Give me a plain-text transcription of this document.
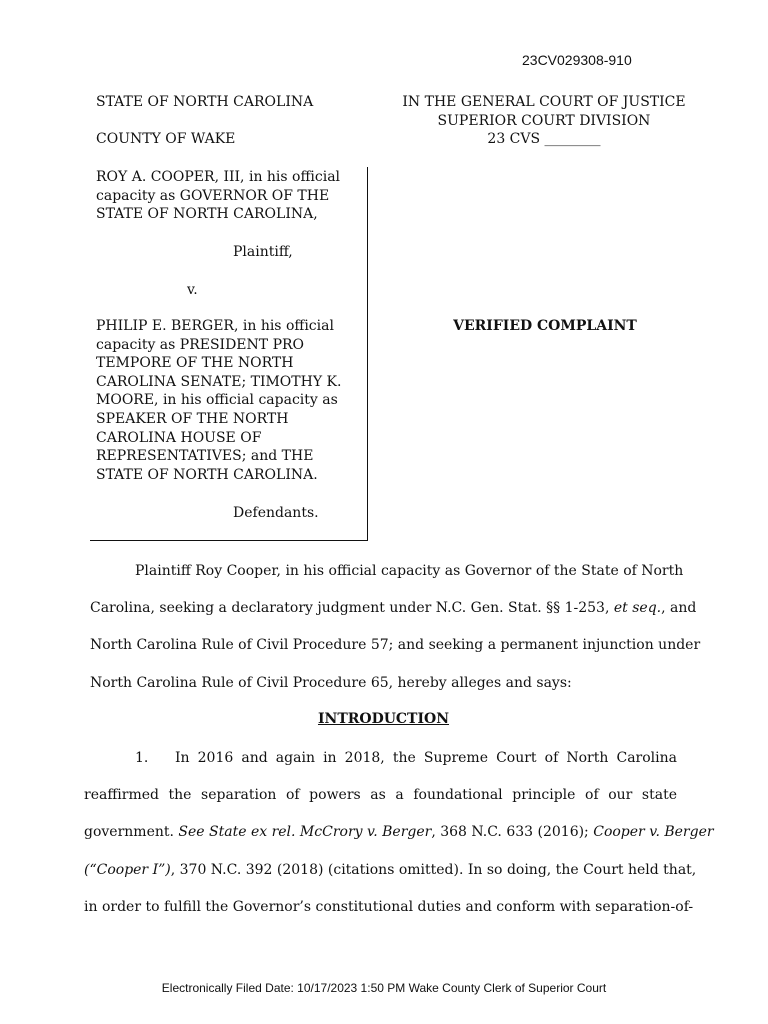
23CV029308-910
STATE OF NORTH CAROLINA
COUNTY OF WAKE
IN THE GENERAL COURT OF JUSTICE
SUPERIOR COURT DIVISION
23 CVS ________
ROY A. COOPER, III, in his official
capacity as GOVERNOR OF THE
STATE OF NORTH CAROLINA,
Plaintiff,
v.
PHILIP E. BERGER, in his official
capacity as PRESIDENT PRO
TEMPORE OF THE NORTH
CAROLINA SENATE; TIMOTHY K.
MOORE, in his official capacity as
SPEAKER OF THE NORTH
CAROLINA HOUSE OF
REPRESENTATIVES; and THE
STATE OF NORTH CAROLINA.
Defendants.
VERIFIED COMPLAINT
Plaintiff Roy Cooper, in his official capacity as Governor of the State of North
Carolina, seeking a declaratory judgment under N.C. Gen. Stat. §§ 1-253, et seq., and
North Carolina Rule of Civil Procedure 57; and seeking a permanent injunction under
North Carolina Rule of Civil Procedure 65, hereby alleges and says:
INTRODUCTION
1. In 2016 and again in 2018, the Supreme Court of North Carolina
reaffirmed the separation of powers as a foundational principle of our state
government. See State ex rel. McCrory v. Berger, 368 N.C. 633 (2016); Cooper v. Berger
(“Cooper I”), 370 N.C. 392 (2018) (citations omitted). In so doing, the Court held that,
in order to fulfill the Governor’s constitutional duties and conform with separation-of-
Electronically Filed Date: 10/17/2023 1:50 PM Wake County Clerk of Superior Court
